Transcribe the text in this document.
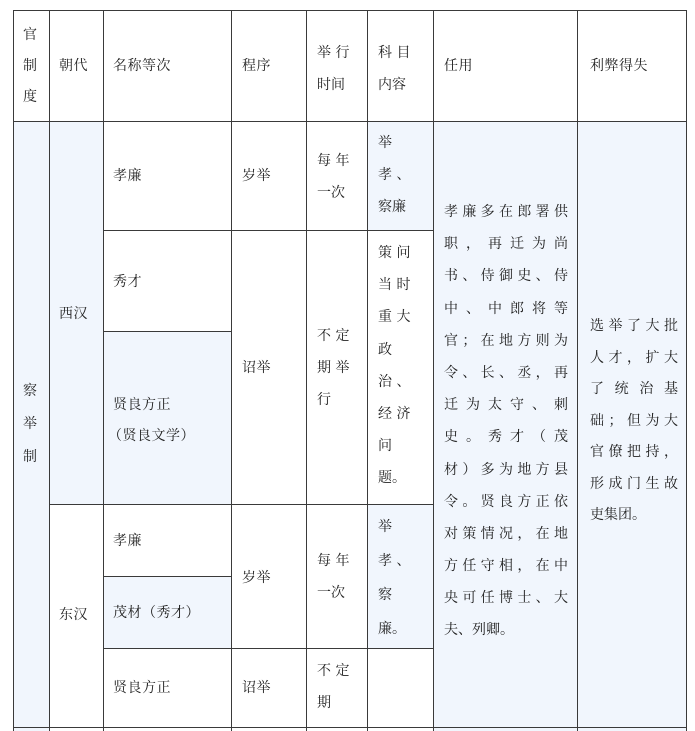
官
制
度
朝代 名称等次	程序
举 行
时间
科 目
内容
任用	利弊得失
察
举
制
西汉
东汉
孝廉
秀才
贤良方正
（贤良文学）
孝廉
茂材（秀才）
贤良方正
岁举
诏举
岁举
诏举
每 年
一次
不 定
期 举
行
每 年
一次
不 定
期
举
孝 、
察廉
策 问
当 时
重 大
政
治 、
经 济
问
题。
举
孝 、
察
廉。
孝廉多在郎署供
职 ， 再 迁 为 尚
书、侍御史、侍
中 、 中 郎 将 等
官；在地方则为
令、长、丞，再
迁 为 太 守 、 刺
史 。 秀 才 （ 茂
材）多为地方县
令。贤良方正依
对策情况，在地
方任守相，在中
央可任博士、大
夫、列卿。
选举了大批
人才，扩大
了 统 治 基
础；但为大
官僚把持，
形成门生故
吏集团。
